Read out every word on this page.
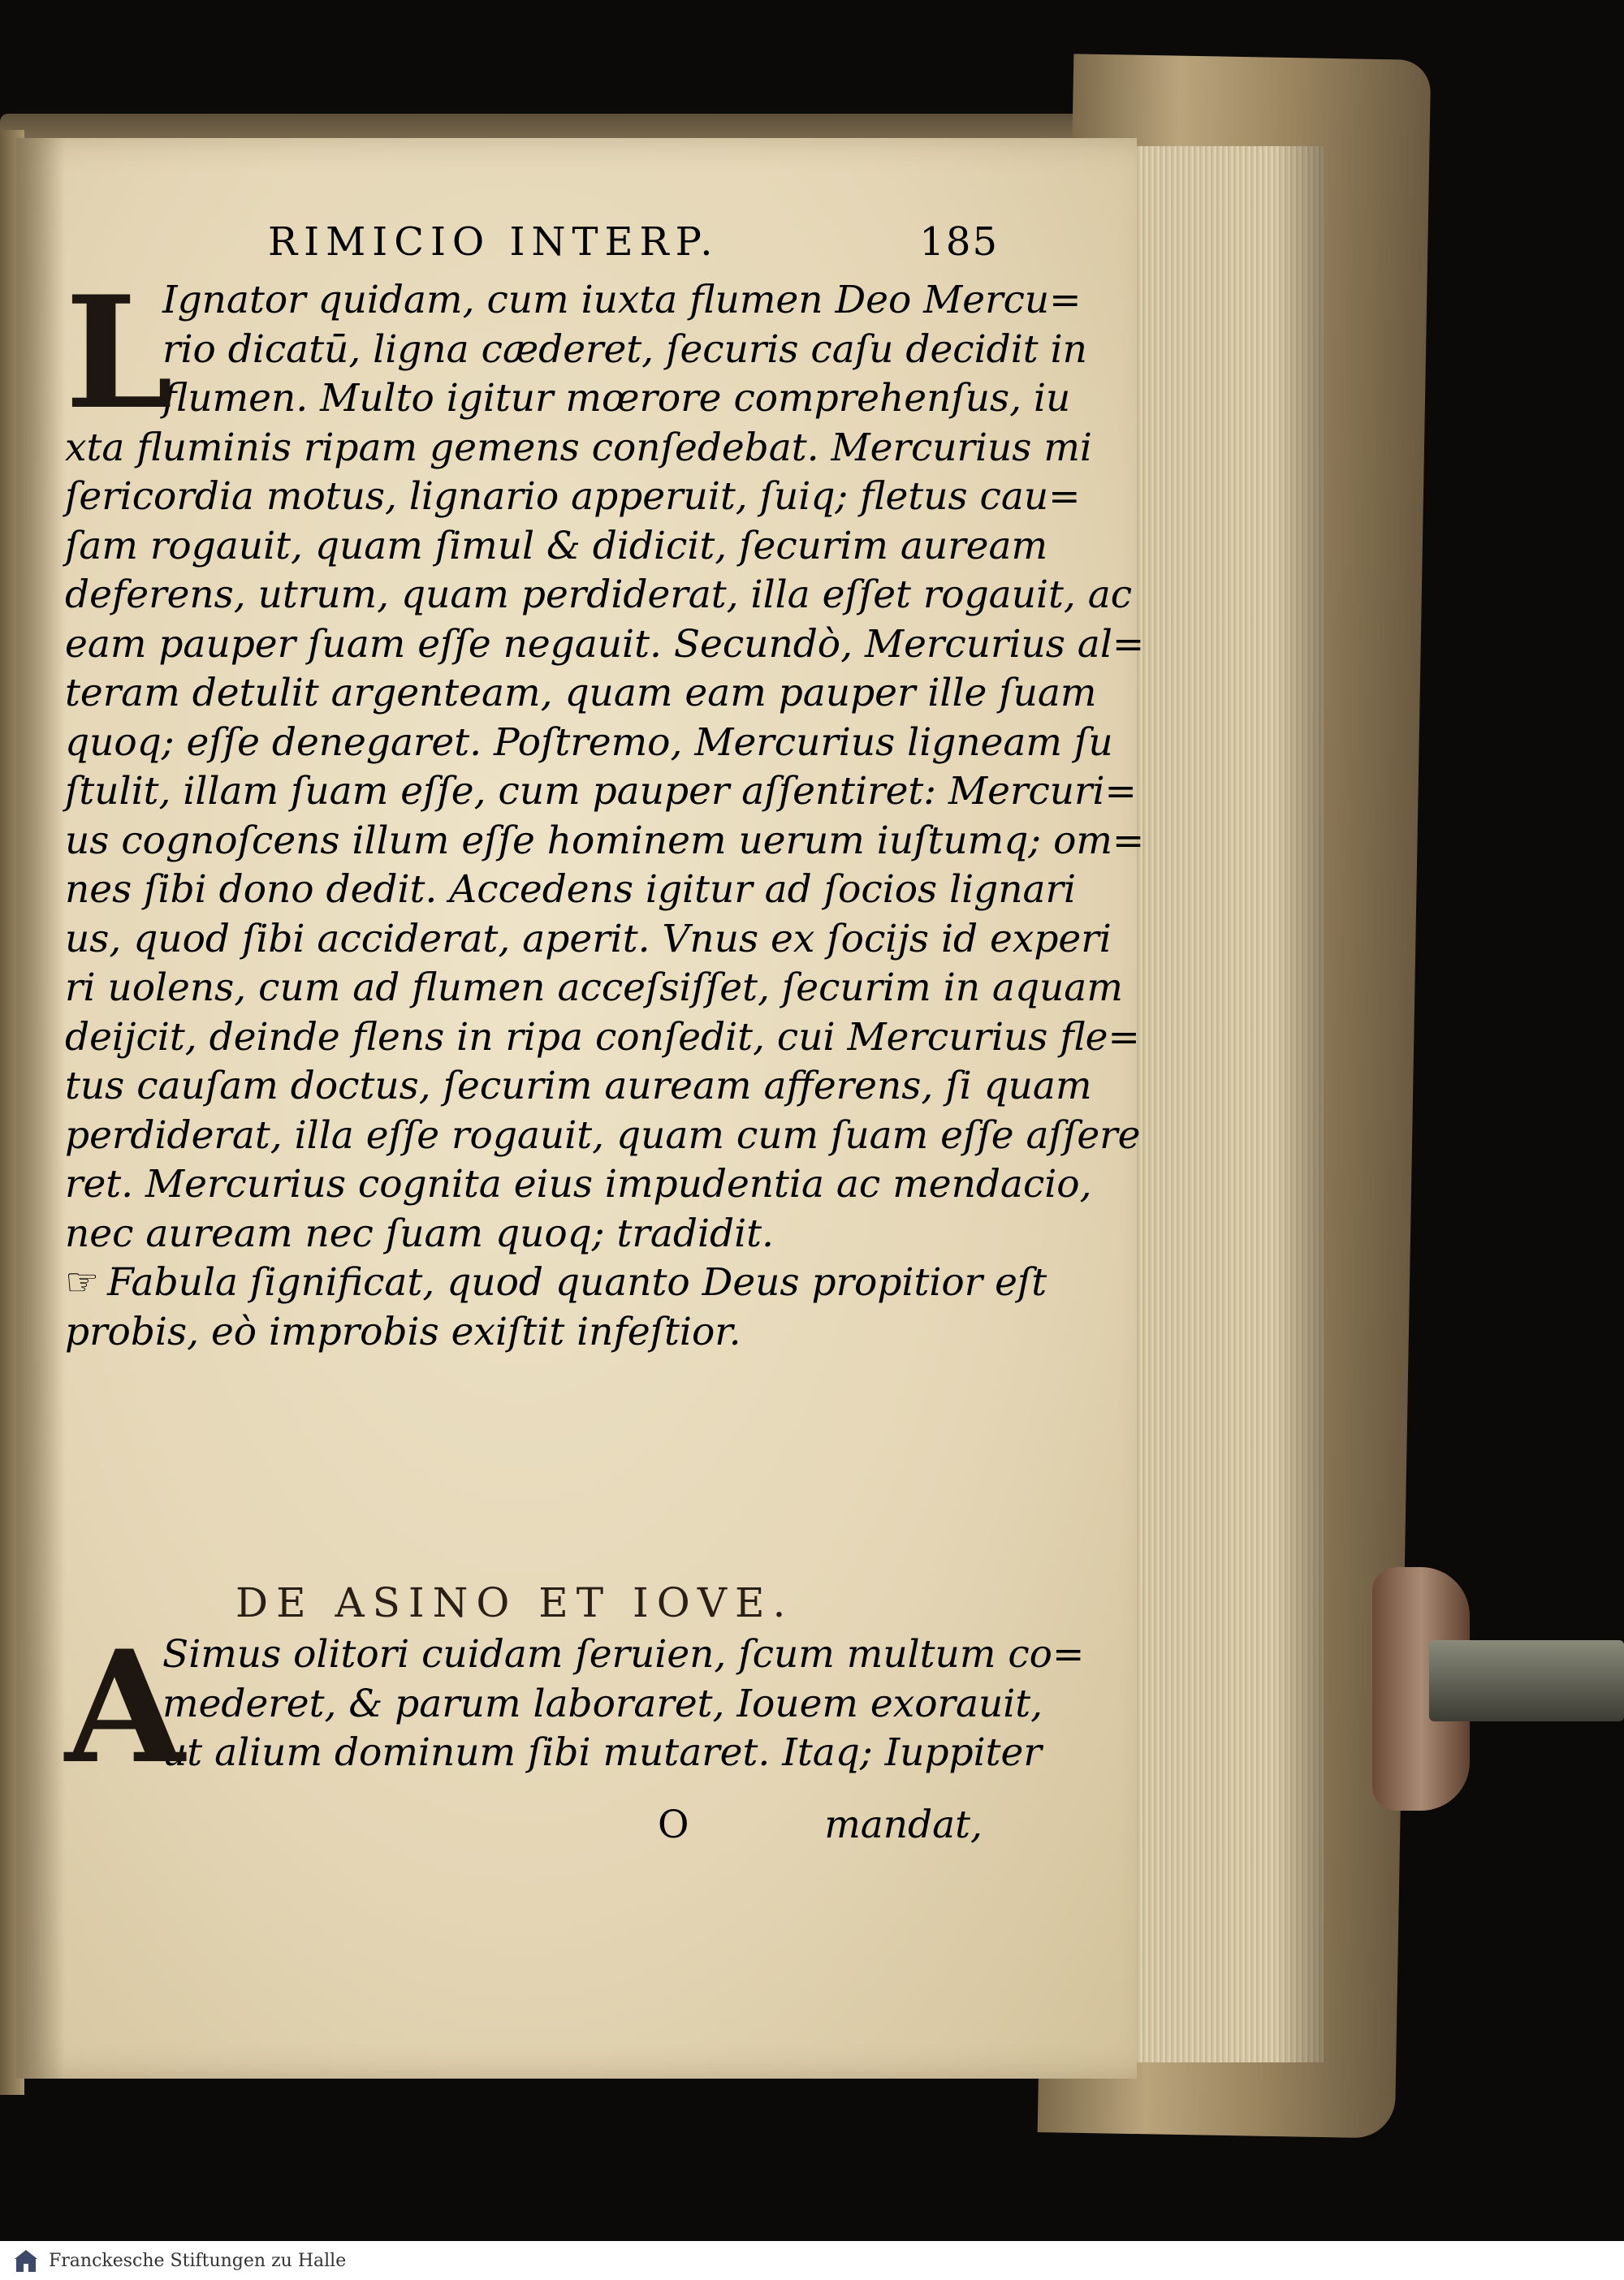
RIMICIO INTERP.	185
L
Ignator quidam, cum iuxta flumen Deo Mercu=
rio dicatū, ligna cæderet, ſecuris caſu decidit in
flumen. Multo igitur mœrore comprehenſus, iu
xta fluminis ripam gemens conſedebat. Mercurius mi
ſericordia motus, lignario apperuit, ſuiq; fletus cau=
ſam rogauit, quam ſimul & didicit, ſecurim auream
deferens, utrum, quam perdiderat, illa eſſet rogauit, ac
eam pauper ſuam eſſe negauit. Secundò, Mercurius al=
teram detulit argenteam, quam eam pauper ille ſuam
quoq; eſſe denegaret. Poſtremo, Mercurius ligneam ſu
ſtulit, illam ſuam eſſe, cum pauper aſſentiret: Mercuri=
us cognoſcens illum eſſe hominem uerum iuſtumq; om=
nes ſibi dono dedit. Accedens igitur ad ſocios lignari
us, quod ſibi acciderat, aperit. Vnus ex ſocijs id experi
ri uolens, cum ad flumen acceſsiſſet, ſecurim in aquam
deijcit, deinde flens in ripa conſedit, cui Mercurius fle=
tus cauſam doctus, ſecurim auream afferens, ſi quam
perdiderat, illa eſſe rogauit, quam cum ſuam eſſe aſſere
ret. Mercurius cognita eius impudentia ac mendacio,
nec auream nec ſuam quoq; tradidit.
☞ Fabula ſignificat, quod quanto Deus propitior eſt
probis, eò improbis exiſtit infeſtior.
DE ASINO ET IOVE.
A
Simus olitori cuidam ſeruien, ſcum multum co=
mederet, & parum laboraret, Iouem exorauit,
ut alium dominum ſibi mutaret. Itaq; Iuppiter
O	mandat,
Franckesche Stiftungen zu Halle
